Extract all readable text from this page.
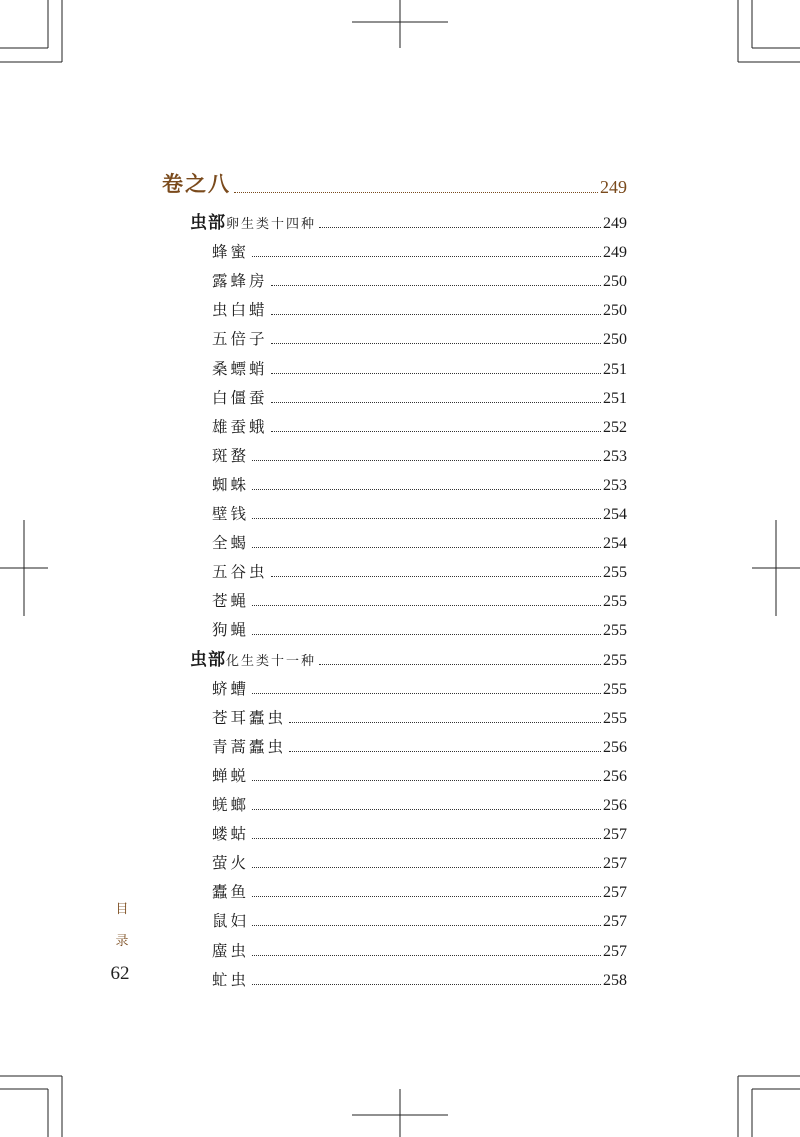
卷之八	249
虫部卵生类十四种	249
蜂蜜	249
露蜂房	250
虫白蜡	250
五倍子	250
桑螵蛸	251
白僵蚕	251
雄蚕蛾	252
斑蝥	253
蜘蛛	253
壁钱	254
全蝎	254
五谷虫	255
苍蝇	255
狗蝇	255
虫部化生类十一种	255
蛴螬	255
苍耳蠹虫	255
青蒿蠹虫	256
蝉蜕	256
蜣螂	256
蝼蛄	257
萤火	257
蠹鱼	257
鼠妇	257
䗪虫	257
虻虫	258
目
录
62
